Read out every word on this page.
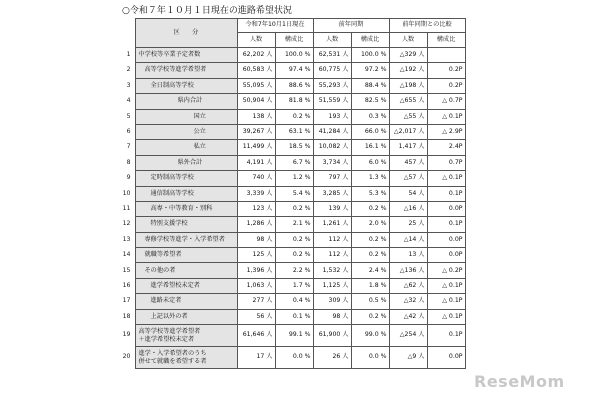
○令和７年１０月１日現在の進路希望状況
	区　　分	令和7年10月1日現在		前年同期		前年同期との比較	
		人数	構成比	人数	構成比	人数	構成比
1	中学校等卒業予定者数	62,202 人	100.0 %	62,531 人	100.0 %	△329 人	
2	高等学校等進学希望者	60,583 人	97.4 %	60,775 人	97.2 %	△192 人	0.2P
3	全日制高等学校	55,095 人	88.6 %	55,293 人	88.4 %	△198 人	0.2P
4	県内合計	50,904 人	81.8 %	51,559 人	82.5 %	△655 人	△ 0.7P
5	国立	138 人	0.2 %	193 人	0.3 %	△55 人	△ 0.1P
6	公立	39,267 人	63.1 %	41,284 人	66.0 %	△2,017 人	△ 2.9P
7	私立	11,499 人	18.5 %	10,082 人	16.1 %	1,417 人	2.4P
8	県外合計	4,191 人	6.7 %	3,734 人	6.0 %	457 人	0.7P
9	定時制高等学校	740 人	1.2 %	797 人	1.3 %	△57 人	△ 0.1P
10	通信制高等学校	3,339 人	5.4 %	3,285 人	5.3 %	54 人	0.1P
11	高専・中等教育・別科	123 人	0.2 %	139 人	0.2 %	△16 人	0.0P
12	特別支援学校	1,286 人	2.1 %	1,261 人	2.0 %	25 人	0.1P
13	専修学校等進学・入学希望者	98 人	0.2 %	112 人	0.2 %	△14 人	0.0P
14	就職等希望者	125 人	0.2 %	112 人	0.2 %	13 人	0.0P
15	その他の者	1,396 人	2.2 %	1,532 人	2.4 %	△136 人	△ 0.2P
16	進学希望校未定者	1,063 人	1.7 %	1,125 人	1.8 %	△62 人	△ 0.1P
17	進路未定者	277 人	0.4 %	309 人	0.5 %	△32 人	△ 0.1P
18	上記以外の者	56 人	0.1 %	98 人	0.2 %	△42 人	△ 0.1P
19	高等学校等進学希望者
＋進学希望校未定者	61,646 人	99.1 %	61,900 人	99.0 %	△254 人	0.1P
20	進学・入学希望者のうち
併せて就職を希望する者	17 人	0.0 %	26 人	0.0 %	△9 人	0.0P
ReseMom
